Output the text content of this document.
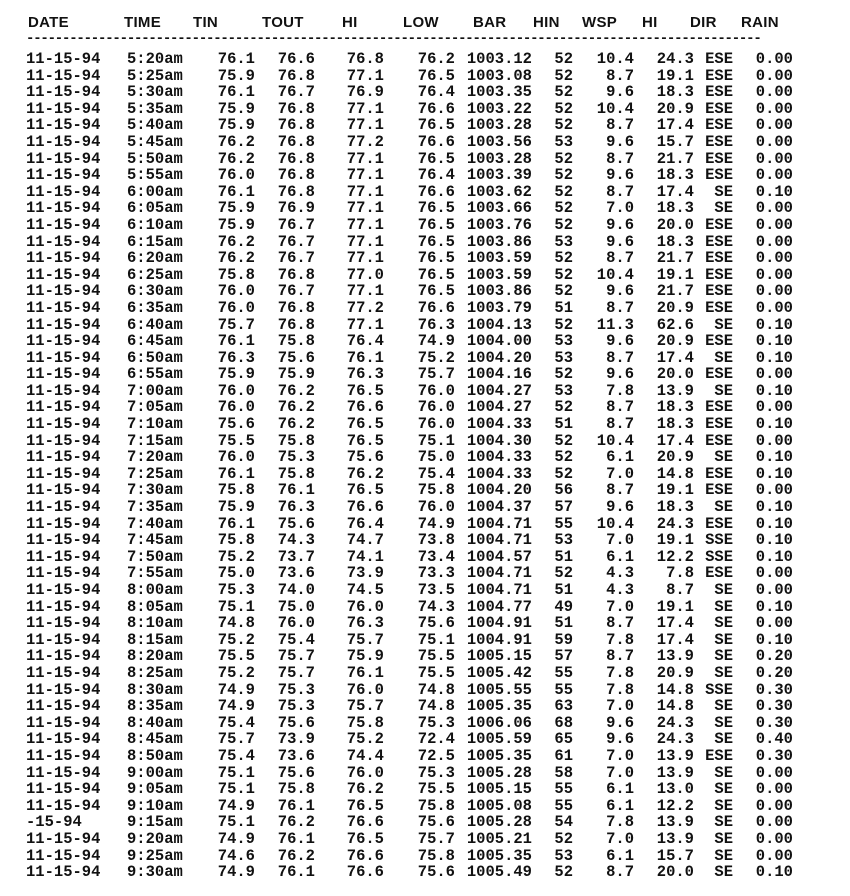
DATE	TIME TIN	TOUT	HI	LOW BAR HIN WSP HI DIR RAIN
------------------------------------------------------------------------------------------------------
11-15-94 5:20am	76.1	76.6	76.8	76.2 1003.12	52	10.4	24.3 ESE	0.00
11-15-94 5:25am	75.9	76.8	77.1	76.5 1003.08	52	8.7	19.1 ESE	0.00
11-15-94 5:30am	76.1	76.7	76.9	76.4 1003.35	52	9.6	18.3 ESE	0.00
11-15-94 5:35am	75.9	76.8	77.1	76.6 1003.22	52	10.4	20.9 ESE	0.00
11-15-94 5:40am	75.9	76.8	77.1	76.5 1003.28	52	8.7	17.4 ESE	0.00
11-15-94 5:45am	76.2	76.8	77.2	76.6 1003.56	53	9.6	15.7 ESE	0.00
11-15-94 5:50am	76.2	76.8	77.1	76.5 1003.28	52	8.7	21.7 ESE	0.00
11-15-94 5:55am	76.0	76.8	77.1	76.4 1003.39	52	9.6	18.3 ESE	0.00
11-15-94 6:00am	76.1	76.8	77.1	76.6 1003.62	52	8.7	17.4	SE	0.10
11-15-94 6:05am	75.9	76.9	77.1	76.5 1003.66	52	7.0	18.3	SE	0.00
11-15-94 6:10am	75.9	76.7	77.1	76.5 1003.76	52	9.6	20.0 ESE	0.00
11-15-94 6:15am	76.2	76.7	77.1	76.5 1003.86	53	9.6	18.3 ESE	0.00
11-15-94 6:20am	76.2	76.7	77.1	76.5 1003.59	52	8.7	21.7 ESE	0.00
11-15-94 6:25am	75.8	76.8	77.0	76.5 1003.59	52	10.4	19.1 ESE	0.00
11-15-94 6:30am	76.0	76.7	77.1	76.5 1003.86	52	9.6	21.7 ESE	0.00
11-15-94 6:35am	76.0	76.8	77.2	76.6 1003.79	51	8.7	20.9 ESE	0.00
11-15-94 6:40am	75.7	76.8	77.1	76.3 1004.13	52	11.3	62.6	SE	0.10
11-15-94 6:45am	76.1	75.8	76.4	74.9 1004.00	53	9.6	20.9 ESE	0.10
11-15-94 6:50am	76.3	75.6	76.1	75.2 1004.20	53	8.7	17.4	SE	0.10
11-15-94 6:55am	75.9	75.9	76.3	75.7 1004.16	52	9.6	20.0 ESE	0.00
11-15-94 7:00am	76.0	76.2	76.5	76.0 1004.27	53	7.8	13.9	SE	0.10
11-15-94 7:05am	76.0	76.2	76.6	76.0 1004.27	52	8.7	18.3 ESE	0.00
11-15-94 7:10am	75.6	76.2	76.5	76.0 1004.33	51	8.7	18.3 ESE	0.10
11-15-94 7:15am	75.5	75.8	76.5	75.1 1004.30	52	10.4	17.4 ESE	0.00
11-15-94 7:20am	76.0	75.3	75.6	75.0 1004.33	52	6.1	20.9	SE	0.10
11-15-94 7:25am	76.1	75.8	76.2	75.4 1004.33	52	7.0	14.8 ESE	0.10
11-15-94 7:30am	75.8	76.1	76.5	75.8 1004.20	56	8.7	19.1 ESE	0.00
11-15-94 7:35am	75.9	76.3	76.6	76.0 1004.37	57	9.6	18.3	SE	0.10
11-15-94 7:40am	76.1	75.6	76.4	74.9 1004.71	55	10.4	24.3 ESE	0.10
11-15-94 7:45am	75.8	74.3	74.7	73.8 1004.71	53	7.0	19.1 SSE	0.10
11-15-94 7:50am	75.2	73.7	74.1	73.4 1004.57	51	6.1	12.2 SSE	0.10
11-15-94 7:55am	75.0	73.6	73.9	73.3 1004.71	52	4.3	7.8 ESE	0.00
11-15-94 8:00am	75.3	74.0	74.5	73.5 1004.71	51	4.3	8.7	SE	0.00
11-15-94 8:05am	75.1	75.0	76.0	74.3 1004.77	49	7.0	19.1	SE	0.10
11-15-94 8:10am	74.8	76.0	76.3	75.6 1004.91	51	8.7	17.4	SE	0.00
11-15-94 8:15am	75.2	75.4	75.7	75.1 1004.91	59	7.8	17.4	SE	0.10
11-15-94 8:20am	75.5	75.7	75.9	75.5 1005.15	57	8.7	13.9	SE	0.20
11-15-94 8:25am	75.2	75.7	76.1	75.5 1005.42	55	7.8	20.9	SE	0.20
11-15-94 8:30am	74.9	75.3	76.0	74.8 1005.55	55	7.8	14.8 SSE	0.30
11-15-94 8:35am	74.9	75.3	75.7	74.8 1005.35	63	7.0	14.8	SE	0.30
11-15-94 8:40am	75.4	75.6	75.8	75.3 1006.06	68	9.6	24.3	SE	0.30
11-15-94 8:45am	75.7	73.9	75.2	72.4 1005.59	65	9.6	24.3	SE	0.40
11-15-94 8:50am	75.4	73.6	74.4	72.5 1005.35	61	7.0	13.9 ESE	0.30
11-15-94 9:00am	75.1	75.6	76.0	75.3 1005.28	58	7.0	13.9	SE	0.00
11-15-94 9:05am	75.1	75.8	76.2	75.5 1005.15	55	6.1	13.0	SE	0.00
11-15-94 9:10am	74.9	76.1	76.5	75.8 1005.08	55	6.1	12.2	SE	0.00
-15-94	9:15am	75.1	76.2	76.6	75.6 1005.28	54	7.8	13.9	SE	0.00
11-15-94 9:20am	74.9	76.1	76.5	75.7 1005.21	52	7.0	13.9	SE	0.00
11-15-94 9:25am	74.6	76.2	76.6	75.8 1005.35	53	6.1	15.7	SE	0.00
11-15-94 9:30am	74.9	76.1	76.6	75.6 1005.49	52	8.7	20.0	SE	0.10
